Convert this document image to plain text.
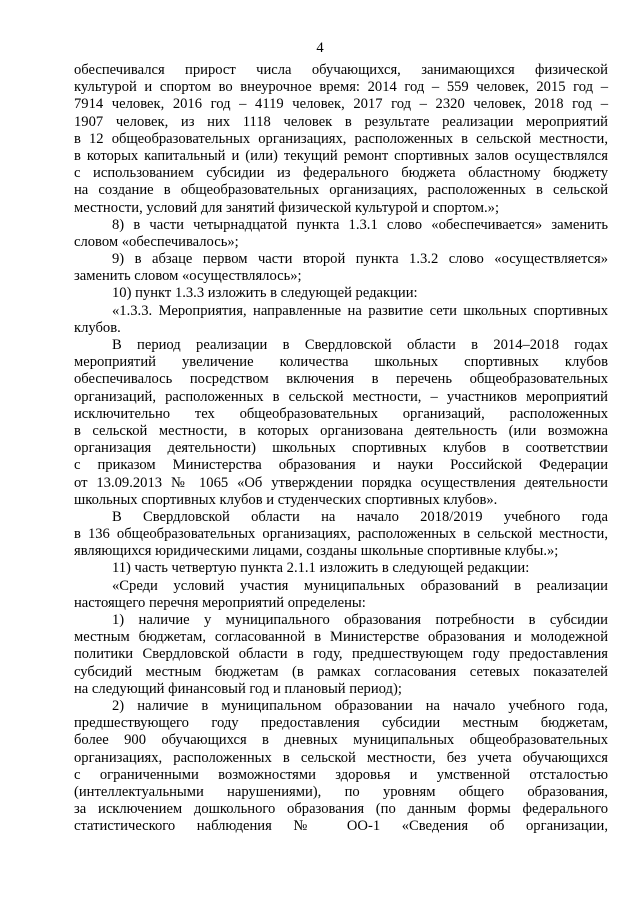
4
обеспечивался прирост числа обучающихся, занимающихся физической
культурой и спортом во внеурочное время: 2014 год – 559 человек, 2015 год –
7914 человек, 2016 год – 4119 человек, 2017 год – 2320 человек, 2018 год –
1907 человек, из них 1118 человек в результате реализации мероприятий
в 12 общеобразовательных организациях, расположенных в сельской местности,
в которых капитальный и (или) текущий ремонт спортивных залов осуществлялся
с использованием субсидии из федерального бюджета областному бюджету
на создание в общеобразовательных организациях, расположенных в сельской
местности, условий для занятий физической культурой и спортом.»;
8) в части четырнадцатой пункта 1.3.1 слово «обеспечивается» заменить
словом «обеспечивалось»;
9) в абзаце первом части второй пункта 1.3.2 слово «осуществляется»
заменить словом «осуществлялось»;
10) пункт 1.3.3 изложить в следующей редакции:
«1.3.3. Мероприятия, направленные на развитие сети школьных спортивных
клубов.
В период реализации в Свердловской области в 2014–2018 годах
мероприятий увеличение количества школьных спортивных клубов
обеспечивалось посредством включения в перечень общеобразовательных
организаций, расположенных в сельской местности, – участников мероприятий
исключительно тех общеобразовательных организаций, расположенных
в сельской местности, в которых организована деятельность (или возможна
организация деятельности) школьных спортивных клубов в соответствии
с приказом Министерства образования и науки Российской Федерации
от 13.09.2013 № 1065 «Об утверждении порядка осуществления деятельности
школьных спортивных клубов и студенческих спортивных клубов».
В Свердловской области на начало 2018/2019 учебного года
в 136 общеобразовательных организациях, расположенных в сельской местности,
являющихся юридическими лицами, созданы школьные спортивные клубы.»;
11) часть четвертую пункта 2.1.1 изложить в следующей редакции:
«Среди условий участия муниципальных образований в реализации
настоящего перечня мероприятий определены:
1) наличие у муниципального образования потребности в субсидии
местным бюджетам, согласованной в Министерстве образования и молодежной
политики Свердловской области в году, предшествующем году предоставления
субсидий местным бюджетам (в рамках согласования сетевых показателей
на следующий финансовый год и плановый период);
2) наличие в муниципальном образовании на начало учебного года,
предшествующего году предоставления субсидии местным бюджетам,
более 900 обучающихся в дневных муниципальных общеобразовательных
организациях, расположенных в сельской местности, без учета обучающихся
с ограниченными возможностями здоровья и умственной отсталостью
(интеллектуальными нарушениями), по уровням общего образования,
за исключением дошкольного образования (по данным формы федерального
статистического наблюдения № ОО-1 «Сведения об организации,
